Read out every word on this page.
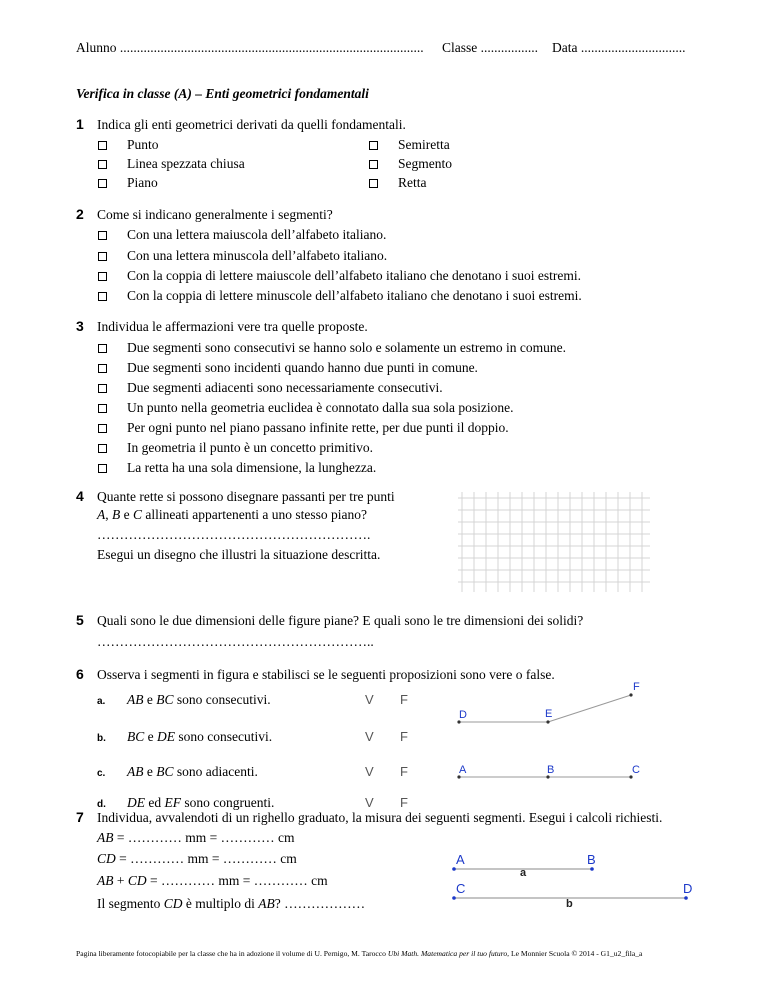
Alunno .......................................................................................... Classe ................. Data ...............................
Verifica in classe (A) – Enti geometrici fondamentali
1 Indica gli enti geometrici derivati da quelli fondamentali.
Punto
Linea spezzata chiusa
Piano
Semiretta
Segmento
Retta
2 Come si indicano generalmente i segmenti?
Con una lettera maiuscola dell’alfabeto italiano.
Con una lettera minuscola dell’alfabeto italiano.
Con la coppia di lettere maiuscole dell’alfabeto italiano che denotano i suoi estremi.
Con la coppia di lettere minuscole dell’alfabeto italiano che denotano i suoi estremi.
3 Individua le affermazioni vere tra quelle proposte.
Due segmenti sono consecutivi se hanno solo e solamente un estremo in comune.
Due segmenti sono incidenti quando hanno due punti in comune.
Due segmenti adiacenti sono necessariamente consecutivi.
Un punto nella geometria euclidea è connotato dalla sua sola posizione.
Per ogni punto nel piano passano infinite rette, per due punti il doppio.
In geometria il punto è un concetto primitivo.
La retta ha una sola dimensione, la lunghezza.
4 Quante rette si possono disegnare passanti per tre punti
A, B e C allineati appartenenti a uno stesso piano?
…………………………………………………….
Esegui un disegno che illustri la situazione descritta.
5 Quali sono le due dimensioni delle figure piane? E quali sono le tre dimensioni dei solidi?
……………………………………………………..
6 Osserva i segmenti in figura e stabilisci se le seguenti proposizioni sono vere o false.
a. AB e BC sono consecutivi.	V F
b. BC e DE sono consecutivi.	V F
c. AB e BC sono adiacenti.	V F
d. DE ed EF sono congruenti.	V F
D	E
F
A	B	C
7 Individua, avvalendoti di un righello graduato, la misura dei seguenti segmenti. Esegui i calcoli richiesti.
AB = ………… mm = ………… cm
CD = ………… mm = ………… cm
AB + CD = ………… mm = ………… cm
Il segmento CD è multiplo di AB? ………………
A	B
a
C	D
b
Pagina liberamente fotocopiabile per la classe che ha in adozione il volume di U. Pernigo, M. Tarocco Ubi Math. Matematica per il tuo futuro, Le Monnier Scuola © 2014 - G1_u2_fila_a
